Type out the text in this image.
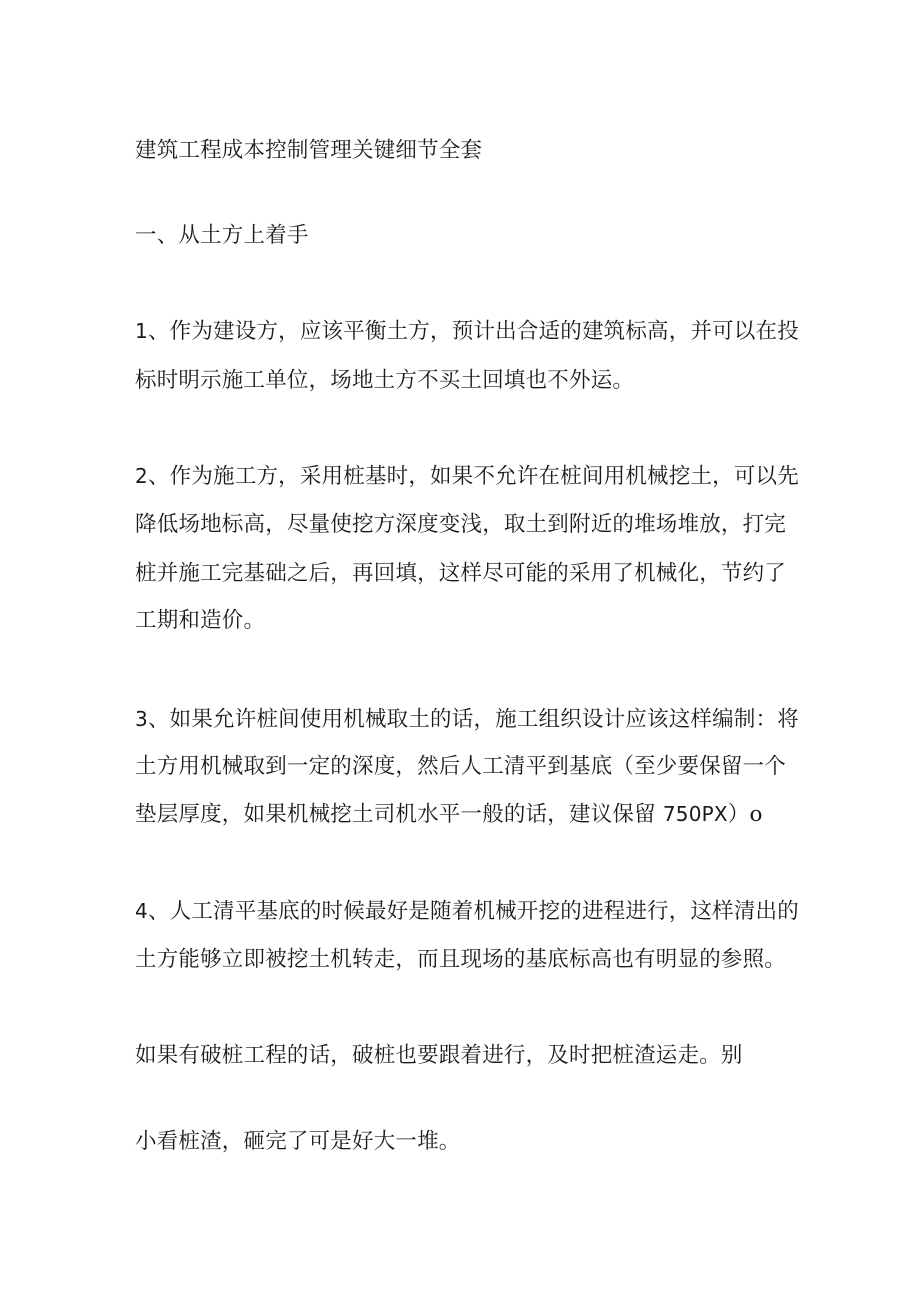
建筑工程成本控制管理关键细节全套
一、从土方上着手
1、作为建设方，应该平衡土方，预计出合适的建筑标高，并可以在投
标时明示施工单位，场地土方不买土回填也不外运。
2、作为施工方，采用桩基时，如果不允许在桩间用机械挖土，可以先
降低场地标高，尽量使挖方深度变浅，取土到附近的堆场堆放，打完
桩并施工完基础之后，再回填，这样尽可能的采用了机械化，节约了
工期和造价。
3、如果允许桩间使用机械取土的话，施工组织设计应该这样编制：将
土方用机械取到一定的深度，然后人工清平到基底（至少要保留一个
垫层厚度，如果机械挖土司机水平一般的话，建议保留 750PX）o
4、人工清平基底的时候最好是随着机械开挖的进程进行，这样清出的
土方能够立即被挖土机转走，而且现场的基底标高也有明显的参照。
如果有破桩工程的话，破桩也要跟着进行，及时把桩渣运走。别
小看桩渣，砸完了可是好大一堆。
